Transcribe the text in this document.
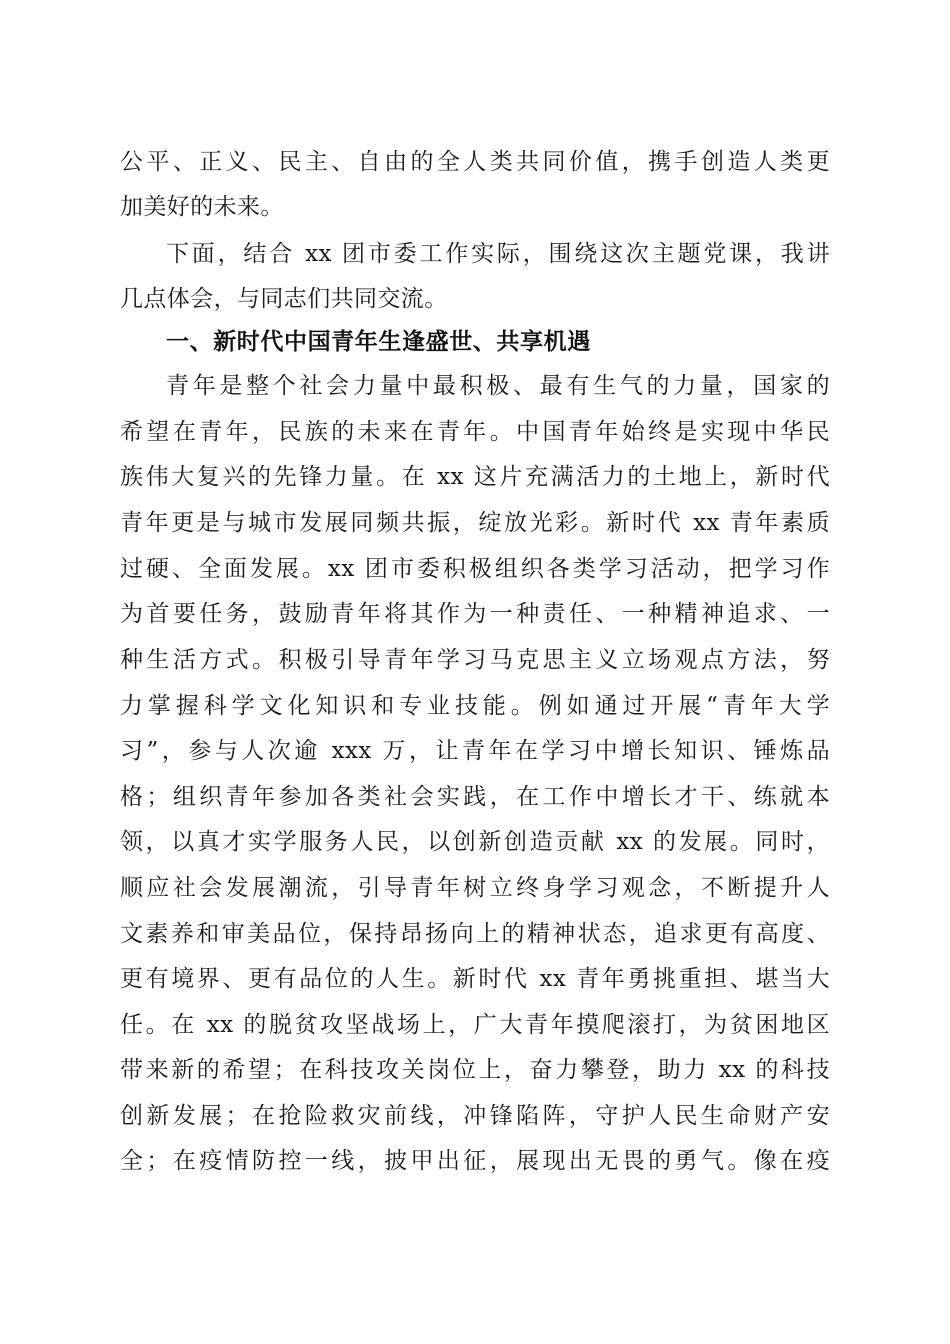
公平、正义、民主、自由的全人类共同价值，携手创造人类更
加美好的未来。
下面，结合 xx 团市委工作实际，围绕这次主题党课，我讲
几点体会，与同志们共同交流。
一、新时代中国青年生逢盛世、共享机遇
青年是整个社会力量中最积极、最有生气的力量，国家的
希望在青年，民族的未来在青年。中国青年始终是实现中华民
族伟大复兴的先锋力量。在 xx 这片充满活力的土地上，新时代
青年更是与城市发展同频共振，绽放光彩。新时代 xx 青年素质
过硬、全面发展。xx 团市委积极组织各类学习活动，把学习作
为首要任务，鼓励青年将其作为一种责任、一种精神追求、一
种生活方式。积极引导青年学习马克思主义立场观点方法，努
力掌握科学文化知识和专业技能。例如通过开展“青年大学
习”，参与人次逾 xxx 万，让青年在学习中增长知识、锤炼品
格；组织青年参加各类社会实践，在工作中增长才干、练就本
领，以真才实学服务人民，以创新创造贡献 xx 的发展。同时，
顺应社会发展潮流，引导青年树立终身学习观念，不断提升人
文素养和审美品位，保持昂扬向上的精神状态，追求更有高度、
更有境界、更有品位的人生。新时代 xx 青年勇挑重担、堪当大
任。在 xx 的脱贫攻坚战场上，广大青年摸爬滚打，为贫困地区
带来新的希望；在科技攻关岗位上，奋力攀登，助力 xx 的科技
创新发展；在抢险救灾前线，冲锋陷阵，守护人民生命财产安
全；在疫情防控一线，披甲出征，展现出无畏的勇气。像在疫
